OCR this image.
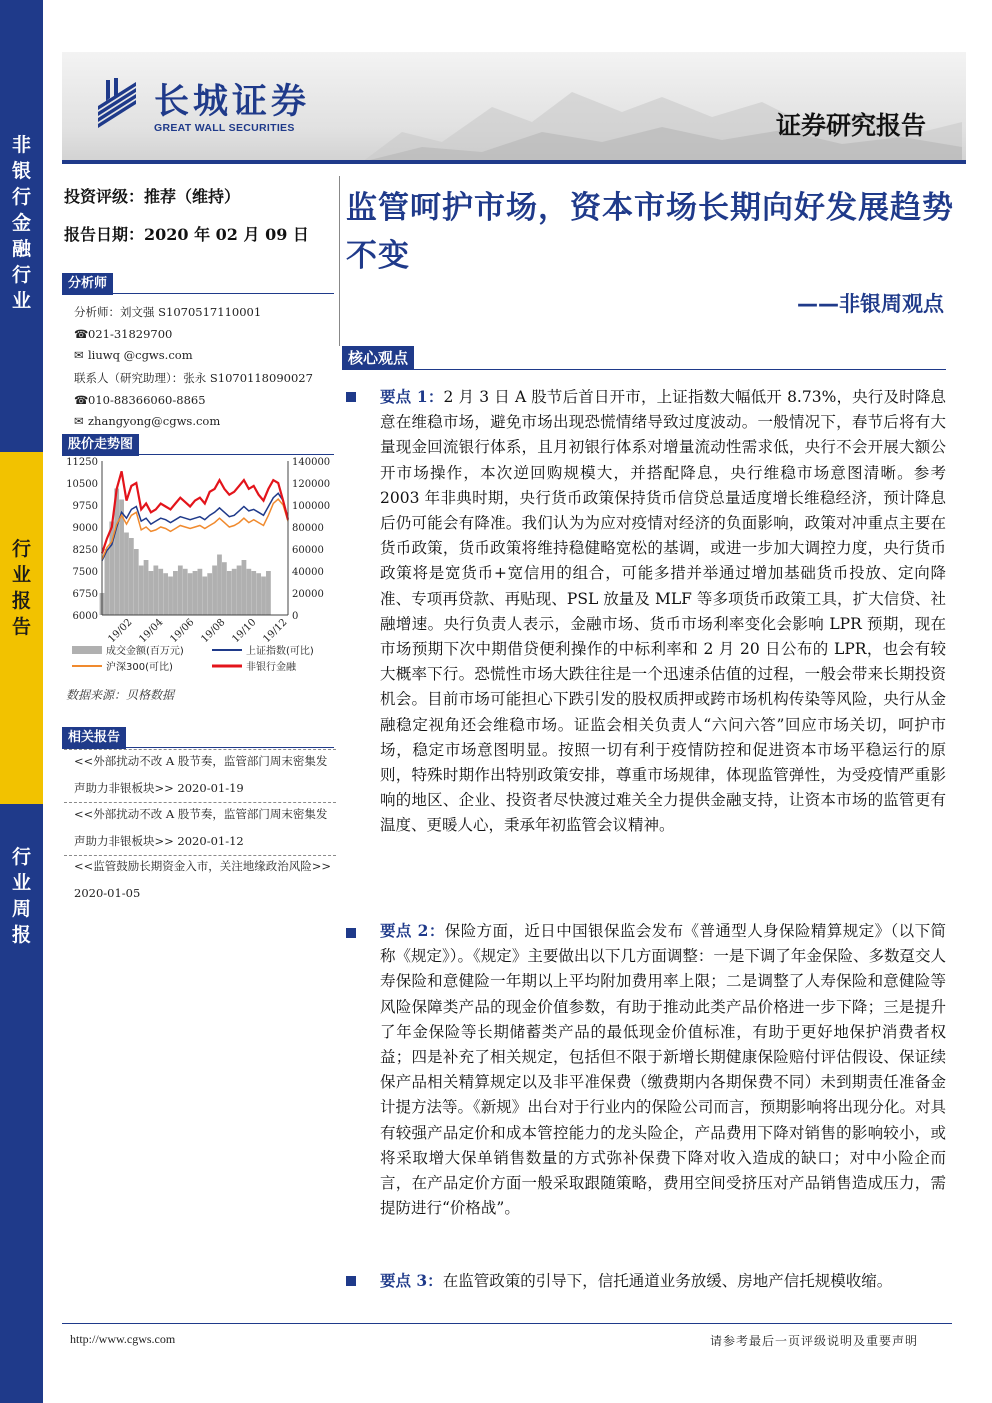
非
银
行
金
融
行
业
行
业
报
告
行
业
周
报
长城证券
GREAT WALL SECURITIES	证券研究报告
投资评级：推荐（维持）
报告日期：2020 年 02 月 09 日
分析师
分析师：刘文强 S1070517110001
☎021-31829700
✉ liuwq @cgws.com
联系人（研究助理）：张永 S1070118090027
☎010-88366060-8865
✉ zhangyong@cgws.com
股价走势图
11250
10500
9750
9000
8250
7500
6750
6000
140000
120000
100000
80000
60000
40000
20000
0
19/02 19/04 19/06 19/08 19/10 19/12
成交金额(百万元)	上证指数(可比)
沪深300(可比)	非银行金融
数据来源：贝格数据
相关报告
<<外部扰动不改 A 股节奏，监管部门周末密集发声助力非银板块>> 2020-01-19
<<外部扰动不改 A 股节奏，监管部门周末密集发声助力非银板块>> 2020-01-12
<<监管鼓励长期资金入市，关注地缘政治风险>> 2020-01-05
监管呵护市场，资本市场长期向好发展趋势不变
——非银周观点
核心观点
要点 1：2 月 3 日 A 股节后首日开市，上证指数大幅低开 8.73%，央行及时降息意在维稳市场，避免市场出现恐慌情绪导致过度波动。一般情况下，春节后将有大量现金回流银行体系，且月初银行体系对增量流动性需求低，央行不会开展大额公开市场操作，本次逆回购规模大，并搭配降息，央行维稳市场意图清晰。参考 2003 年非典时期，央行货币政策保持货币信贷总量适度增长维稳经济，预计降息后仍可能会有降准。我们认为为应对疫情对经济的负面影响，政策对冲重点主要在货币政策，货币政策将维持稳健略宽松的基调，或进一步加大调控力度，央行货币政策将是宽货币+宽信用的组合，可能多措并举通过增加基础货币投放、定向降准、专项再贷款、再贴现、PSL 放量及 MLF 等多项货币政策工具，扩大信贷、社融增速。央行负责人表示，金融市场、货币市场利率变化会影响 LPR 预期，现在市场预期下次中期借贷便利操作的中标利率和 2 月 20 日公布的 LPR，也会有较大概率下行。恐慌性市场大跌往往是一个迅速杀估值的过程，一般会带来长期投资机会。目前市场可能担心下跌引发的股权质押或跨市场机构传染等风险，央行从金融稳定视角还会维稳市场。证监会相关负责人“六问六答”回应市场关切，呵护市场，稳定市场意图明显。按照一切有利于疫情防控和促进资本市场平稳运行的原则，特殊时期作出特别政策安排，尊重市场规律，体现监管弹性，为受疫情严重影响的地区、企业、投资者尽快渡过难关全力提供金融支持，让资本市场的监管更有温度、更暖人心，秉承年初监管会议精神。
要点 2：保险方面，近日中国银保监会发布《普通型人身保险精算规定》（以下简称《规定》）。《规定》主要做出以下几方面调整：一是下调了年金保险、多数趸交人寿保险和意健险一年期以上平均附加费用率上限；二是调整了人寿保险和意健险等风险保障类产品的现金价值参数，有助于推动此类产品价格进一步下降；三是提升了年金保险等长期储蓄类产品的最低现金价值标准，有助于更好地保护消费者权益；四是补充了相关规定，包括但不限于新增长期健康保险赔付评估假设、保证续保产品相关精算规定以及非平准保费（缴费期内各期保费不同）未到期责任准备金计提方法等。《新规》出台对于行业内的保险公司而言，预期影响将出现分化。对具有较强产品定价和成本管控能力的龙头险企，产品费用下降对销售的影响较小，或将采取增大保单销售数量的方式弥补保费下降对收入造成的缺口；对中小险企而言，在产品定价方面一般采取跟随策略，费用空间受挤压对产品销售造成压力，需提防进行“价格战”。
要点 3：在监管政策的引导下，信托通道业务放缓、房地产信托规模收缩。
http://www.cgws.com	请参考最后一页评级说明及重要声明
